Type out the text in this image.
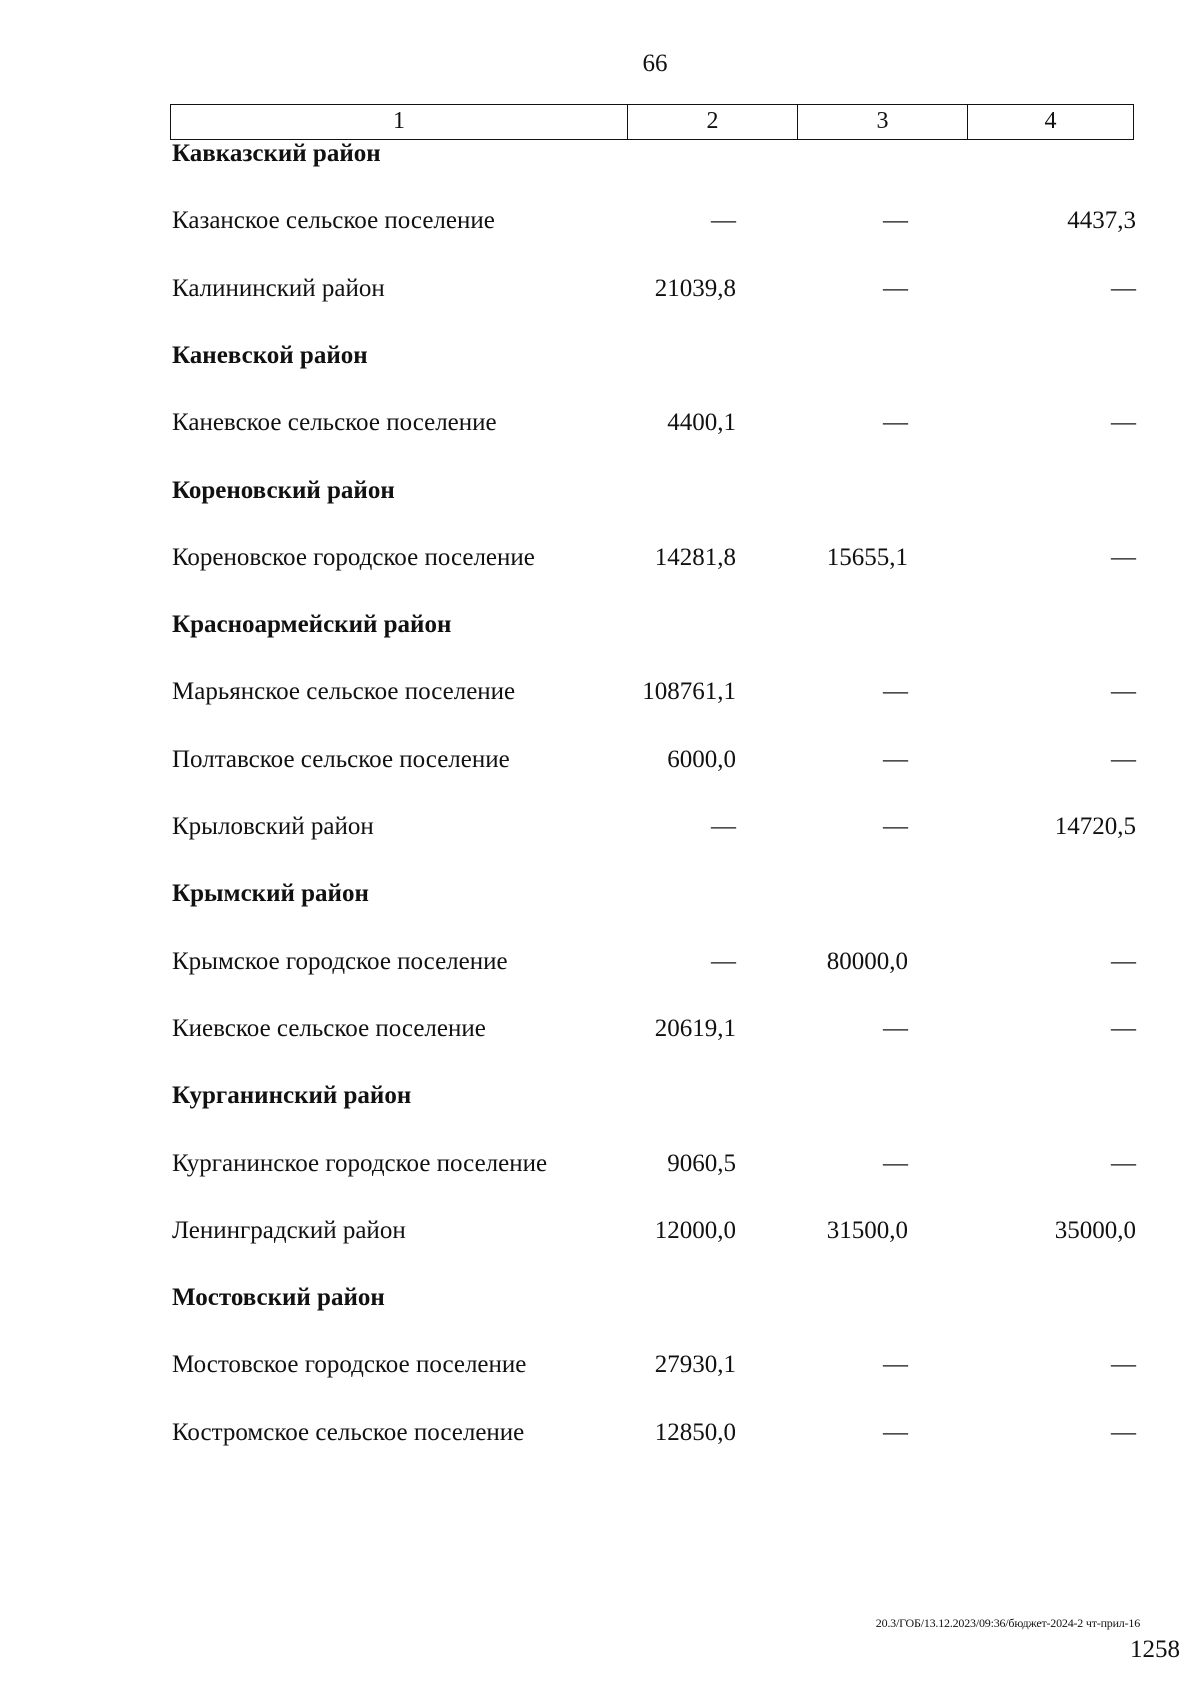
66
1	2	3	4
Кавказский район
Казанское сельское поселение	—	—	4437,3
Калининский район	21039,8	—	—
Каневской район
Каневское сельское поселение	4400,1	—	—
Кореновский район
Кореновское городское поселение	14281,8	15655,1	—
Красноармейский район
Марьянское сельское поселение	108761,1	—	—
Полтавское сельское поселение	6000,0	—	—
Крыловский район	—	—	14720,5
Крымский район
Крымское городское поселение	—	80000,0	—
Киевское сельское поселение	20619,1	—	—
Курганинский район
Курганинское городское поселение	9060,5	—	—
Ленинградский район	12000,0	31500,0	35000,0
Мостовский район
Мостовское городское поселение	27930,1	—	—
Костромское сельское поселение	12850,0	—	—
20.3/ГОБ/13.12.2023/09:36/бюджет-2024-2 чт-прил-16
1258
